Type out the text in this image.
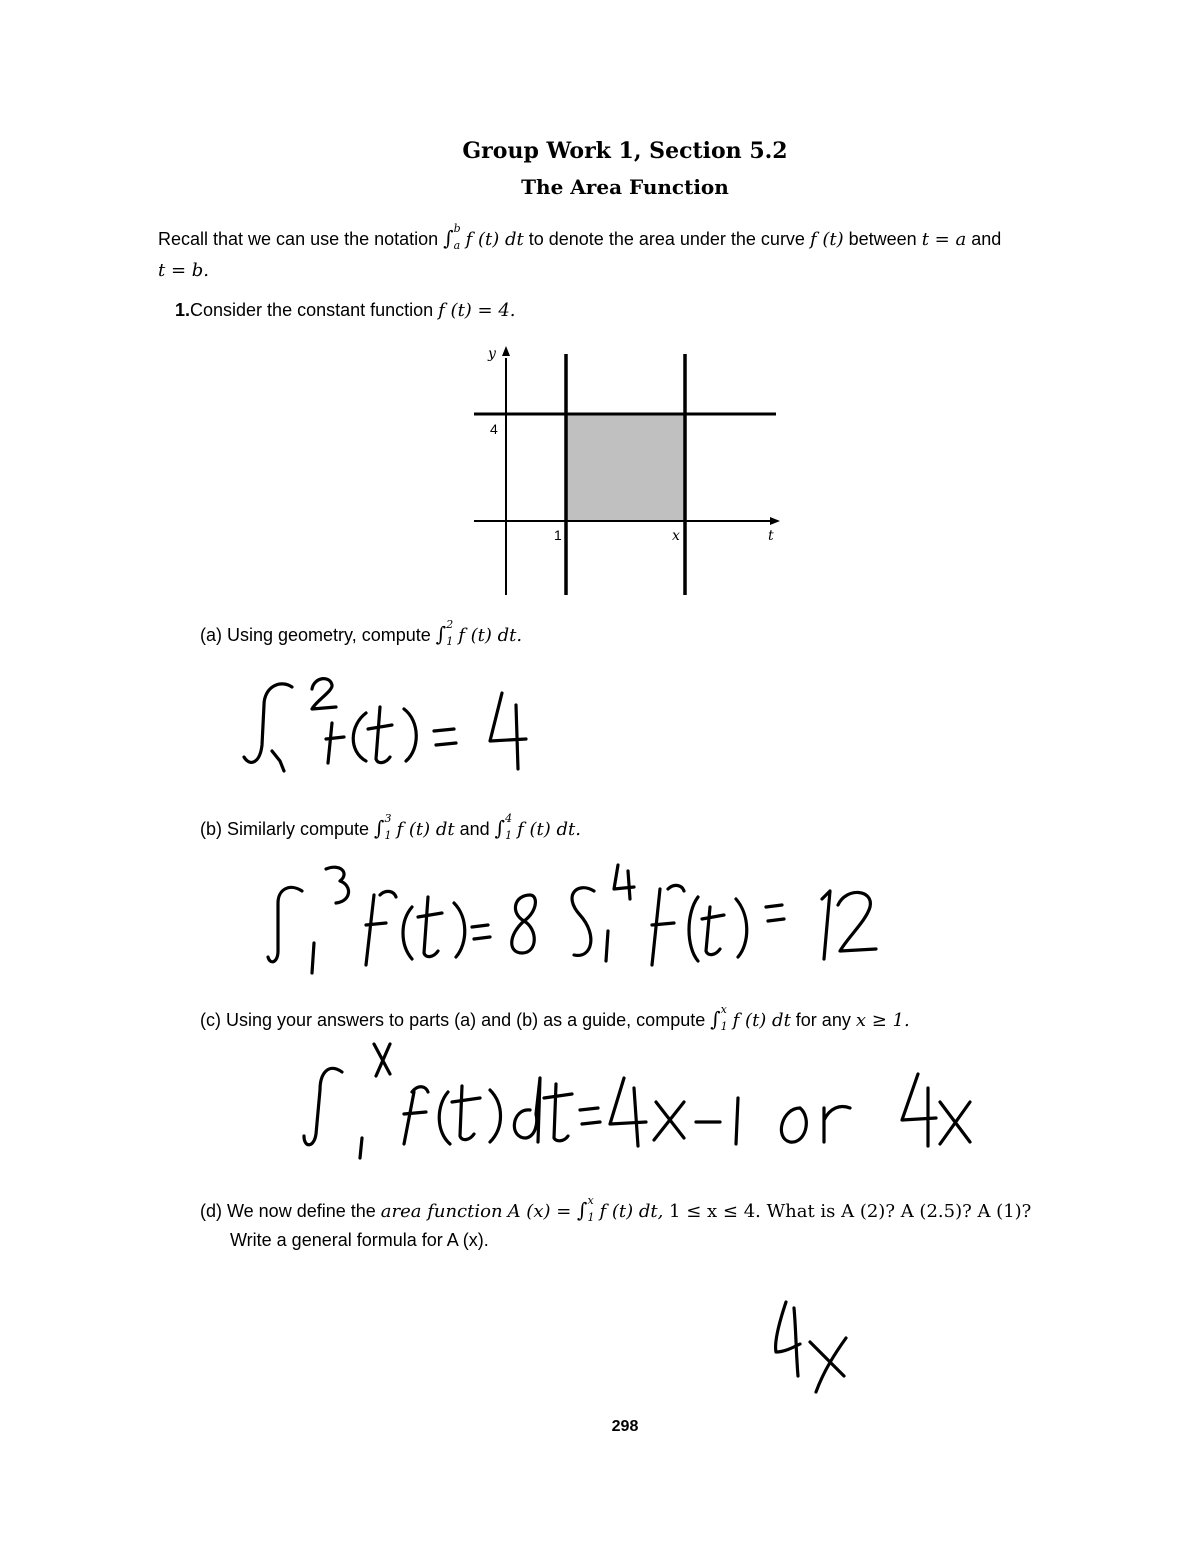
Group Work 1, Section 5.2
The Area Function
Recall that we can use the notation ∫ b
a f (t) dt to denote the area under the curve f (t) between t = a and
t = b.
1.Consider the constant function f (t) = 4.
y
t
4
1	x
(a) Using geometry, compute ∫ 2
1 f (t) dt.
(b) Similarly compute ∫ 3
1 f (t) dt and ∫ 4
1 f (t) dt.
(c) Using your answers to parts (a) and (b) as a guide, compute ∫ x
1 f (t) dt for any x ≥ 1.
(d) We now define the area function A (x) = ∫ x
1 f (t) dt, 1 ≤ x ≤ 4. What is A (2)? A (2.5)? A (1)?
Write a general formula for A (x).
298
